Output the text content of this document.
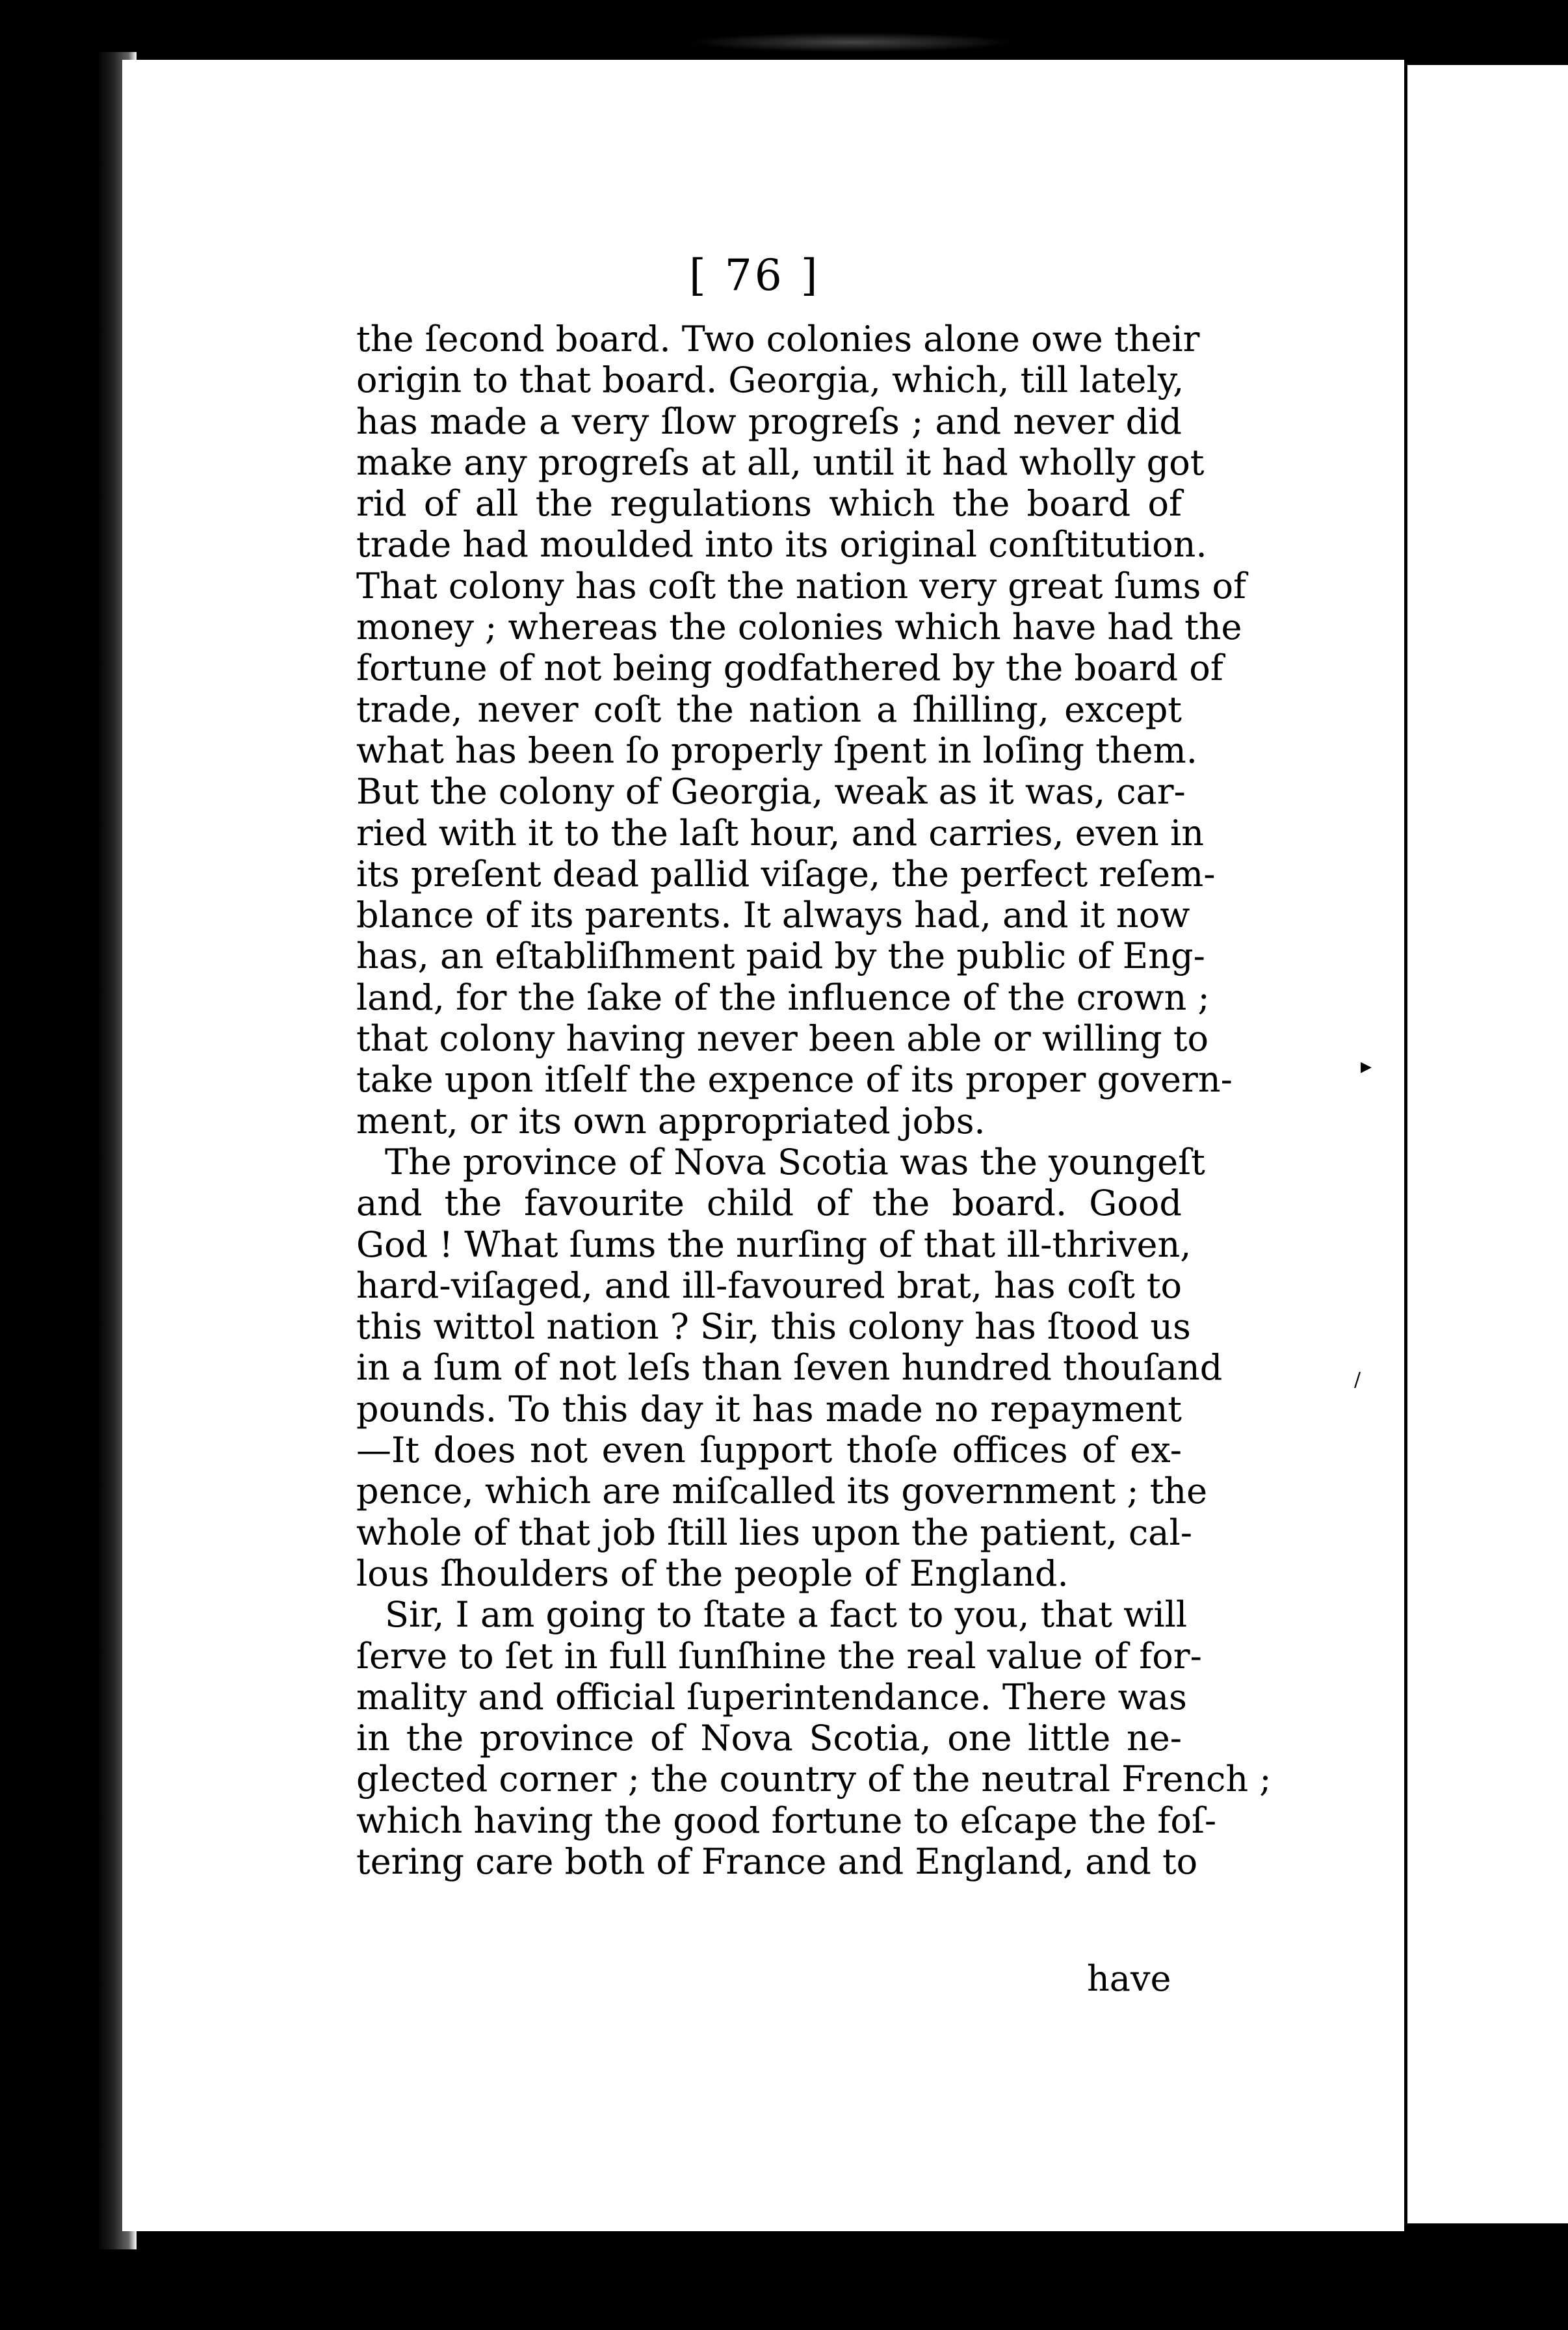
▸
/
[ 76 ]
the ſecond board. Two colonies alone owe their
origin to that board. Georgia, which, till lately,
has made a very ſlow progreſs ; and never did
make any progreſs at all, until it had wholly got
rid of all the regulations which the board of
trade had moulded into its original conſtitution.
That colony has coſt the nation very great ſums of
money ; whereas the colonies which have had the
fortune of not being godfathered by the board of
trade, never coſt the nation a ſhilling, except
what has been ſo properly ſpent in loſing them.
But the colony of Georgia, weak as it was, car-
ried with it to the laſt hour, and carries, even in
its preſent dead pallid viſage, the perfect reſem-
blance of its parents. It always had, and it now
has, an eſtabliſhment paid by the public of Eng-
land, for the ſake of the influence of the crown ;
that colony having never been able or willing to
take upon itſelf the expence of its proper govern-
ment, or its own appropriated jobs.
The province of Nova Scotia was the youngeſt
and the favourite child of the board. Good
God ! What ſums the nurſing of that ill-thriven,
hard-viſaged, and ill-favoured brat, has coſt to
this wittol nation ? Sir, this colony has ſtood us
in a ſum of not leſs than ſeven hundred thouſand
pounds. To this day it has made no repayment
—It does not even ſupport thoſe offices of ex-
pence, which are miſcalled its government ; the
whole of that job ſtill lies upon the patient, cal-
lous ſhoulders of the people of England.
Sir, I am going to ſtate a fact to you, that will
ſerve to ſet in full ſunſhine the real value of for-
mality and official ſuperintendance. There was
in the province of Nova Scotia, one little ne-
glected corner ; the country of the neutral French ;
which having the good fortune to eſcape the foſ-
tering care both of France and England, and to
have
